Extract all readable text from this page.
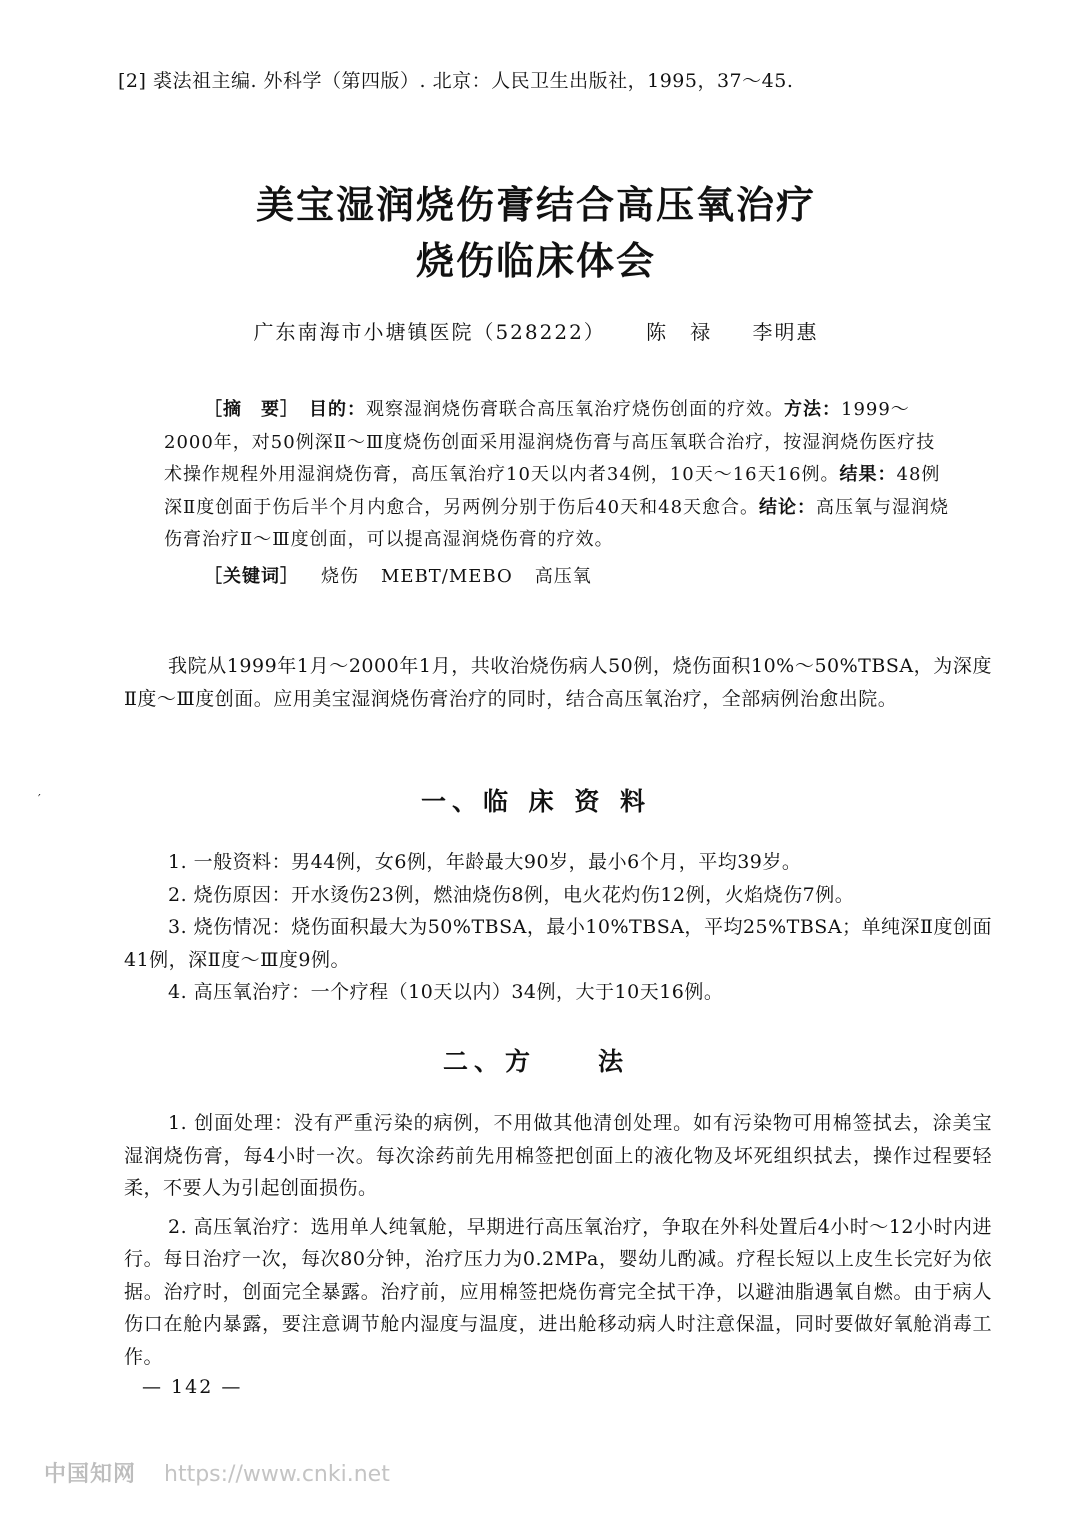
[2] 裘法祖主编. 外科学（第四版）. 北京：人民卫生出版社，1995，37～45.
美宝湿润烧伤膏结合高压氧治疗
烧伤临床体会
广东南海市小塘镇医院（528222） 陈　禄 李明惠

［摘　要］　 目的：观察湿润烧伤膏联合高压氧治疗烧伤创面的疗效。方法：1999～2000年，对50例深Ⅱ～Ⅲ度烧伤创面采用湿润烧伤膏与高压氧联合治疗，按湿润烧伤医疗技术操作规程外用湿润烧伤膏，高压氧治疗10天以内者34例，10天～16天16例。结果：48例深Ⅱ度创面于伤后半个月内愈合，另两例分别于伤后40天和48天愈合。结论：高压氧与湿润烧伤膏治疗Ⅱ～Ⅲ度创面，可以提高湿润烧伤膏的疗效。

［关键词］ 烧伤 MEBT/MEBO 高压氧

我院从1999年1月～2000年1月，共收治烧伤病人50例，烧伤面积10%～50%TBSA，为深度Ⅱ度～Ⅲ度创面。应用美宝湿润烧伤膏治疗的同时，结合高压氧治疗，全部病例治愈出院。

′	一、临 床 资 料

1. 一般资料：男44例，女6例，年龄最大90岁，最小6个月，平均39岁。

2. 烧伤原因：开水烫伤23例，燃油烧伤8例，电火花灼伤12例，火焰烧伤7例。

3. 烧伤情况：烧伤面积最大为50%TBSA，最小10%TBSA，平均25%TBSA；单纯深Ⅱ度创面41例，深Ⅱ度～Ⅲ度9例。

4. 高压氧治疗：一个疗程（10天以内）34例，大于10天16例。

二、方　　法

1. 创面处理：没有严重污染的病例，不用做其他清创处理。如有污染物可用棉签拭去，涂美宝湿润烧伤膏，每4小时一次。每次涂药前先用棉签把创面上的液化物及坏死组织拭去，操作过程要轻柔，不要人为引起创面损伤。

2. 高压氧治疗：选用单人纯氧舱，早期进行高压氧治疗，争取在外科处置后4小时～12小时内进行。每日治疗一次，每次80分钟，治疗压力为0.2MPa，婴幼儿酌减。疗程长短以上皮生长完好为依据。治疗时，创面完全暴露。治疗前，应用棉签把烧伤膏完全拭干净，以避油脂遇氧自燃。由于病人伤口在舱内暴露，要注意调节舱内湿度与温度，进出舱移动病人时注意保温，同时要做好氧舱消毒工作。

— 142 —
中国知网 https://www.cnki.net
